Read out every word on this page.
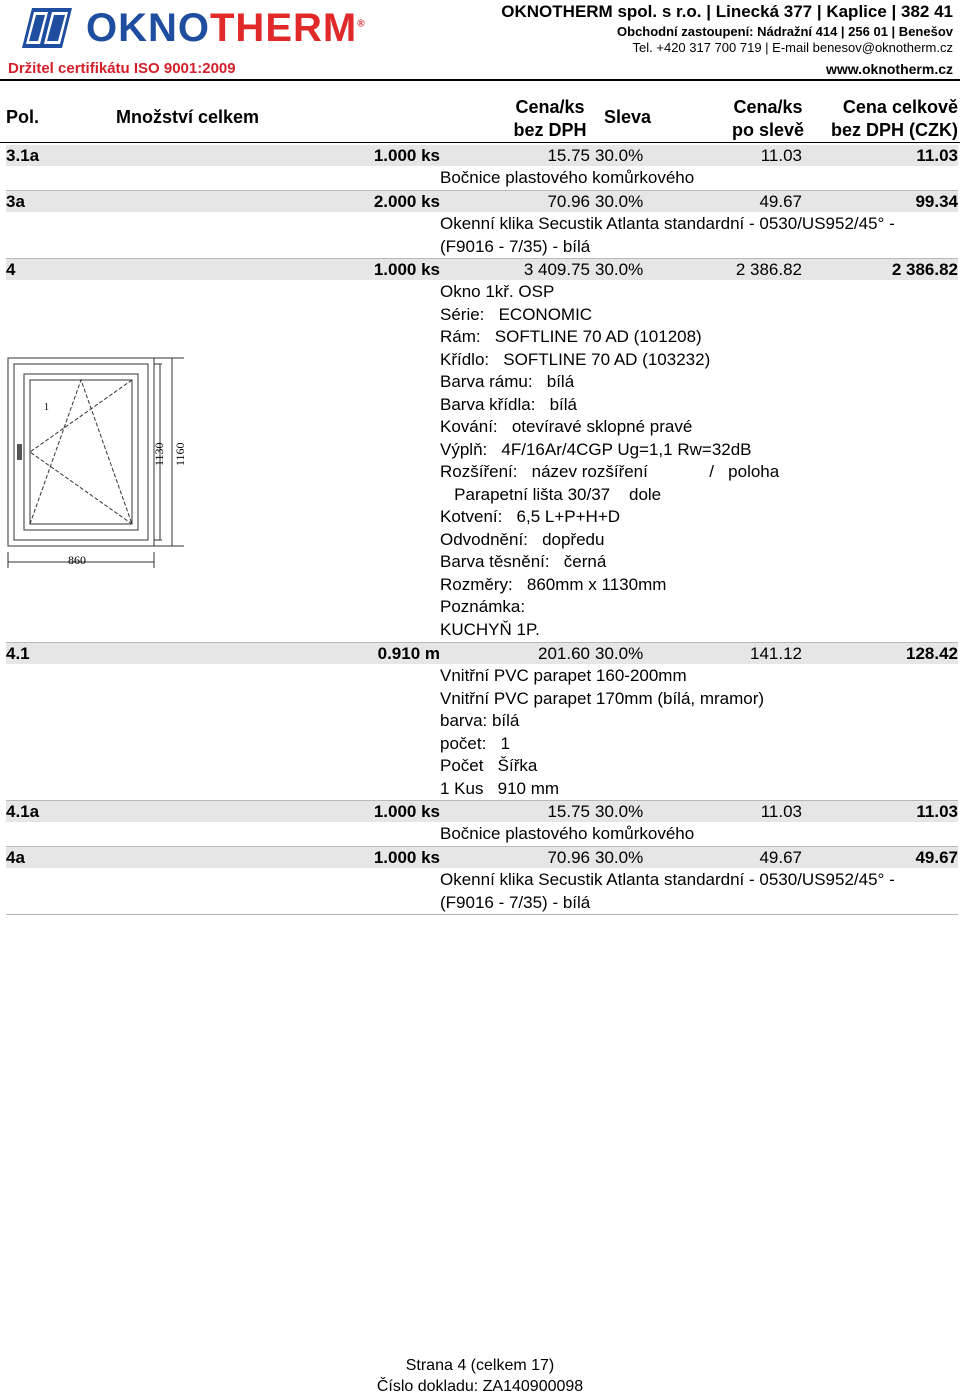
OKNOTHERM®
Držitel certifikátu ISO 9001:2009
OKNOTHERM spol. s r.o. | Linecká 377 | Kaplice | 382 41
Obchodní zastoupení: Nádražní 414 | 256 01 | Benešov
Tel. +420 317 700 719 | E-mail benesov@oknotherm.cz
www.oknotherm.cz
Pol.	Množství celkem	Cena/ks
bez DPH
Sleva	Cena/ks
po slevě
Cena celkově
bez DPH (CZK)
3.1a	1.000 ks	15.75 30.0%	11.03	11.03
Bočnice plastového komůrkového
3a	2.000 ks	70.96 30.0%	49.67	99.34
Okenní klika Secustik Atlanta standardní - 0530/US952/45° -
(F9016 - 7/35) - bílá
4	1.000 ks	3 409.75 30.0%	2 386.82	2 386.82
Okno 1kř. OSP
Série:   ECONOMIC
Rám:   SOFTLINE 70 AD (101208)
Křídlo:   SOFTLINE 70 AD (103232)
Barva rámu:   bílá
Barva křídla:   bílá
Kování:   otevíravé sklopné pravé
Výplň:   4F/16Ar/4CGP Ug=1,1 Rw=32dB
Rozšíření:   název rozšíření             /   poloha
Parapetní lišta 30/37    dole
Kotvení:   6,5 L+P+H+D
Odvodnění:   dopředu
Barva těsnění:   černá
Rozměry:   860mm x 1130mm
Poznámka:
KUCHYŇ 1P.
1
860
1130 1160
4.1	0.910 m	201.60 30.0%	141.12	128.42
Vnitřní PVC parapet 160-200mm
Vnitřní PVC parapet 170mm (bílá, mramor)
barva: bílá
počet:   1
Počet   Šířka
1 Kus   910 mm
4.1a	1.000 ks	15.75 30.0%	11.03	11.03
Bočnice plastového komůrkového
4a	1.000 ks	70.96 30.0%	49.67	49.67
Okenní klika Secustik Atlanta standardní - 0530/US952/45° -
(F9016 - 7/35) - bílá
Strana 4 (celkem 17)
Číslo dokladu: ZA140900098
